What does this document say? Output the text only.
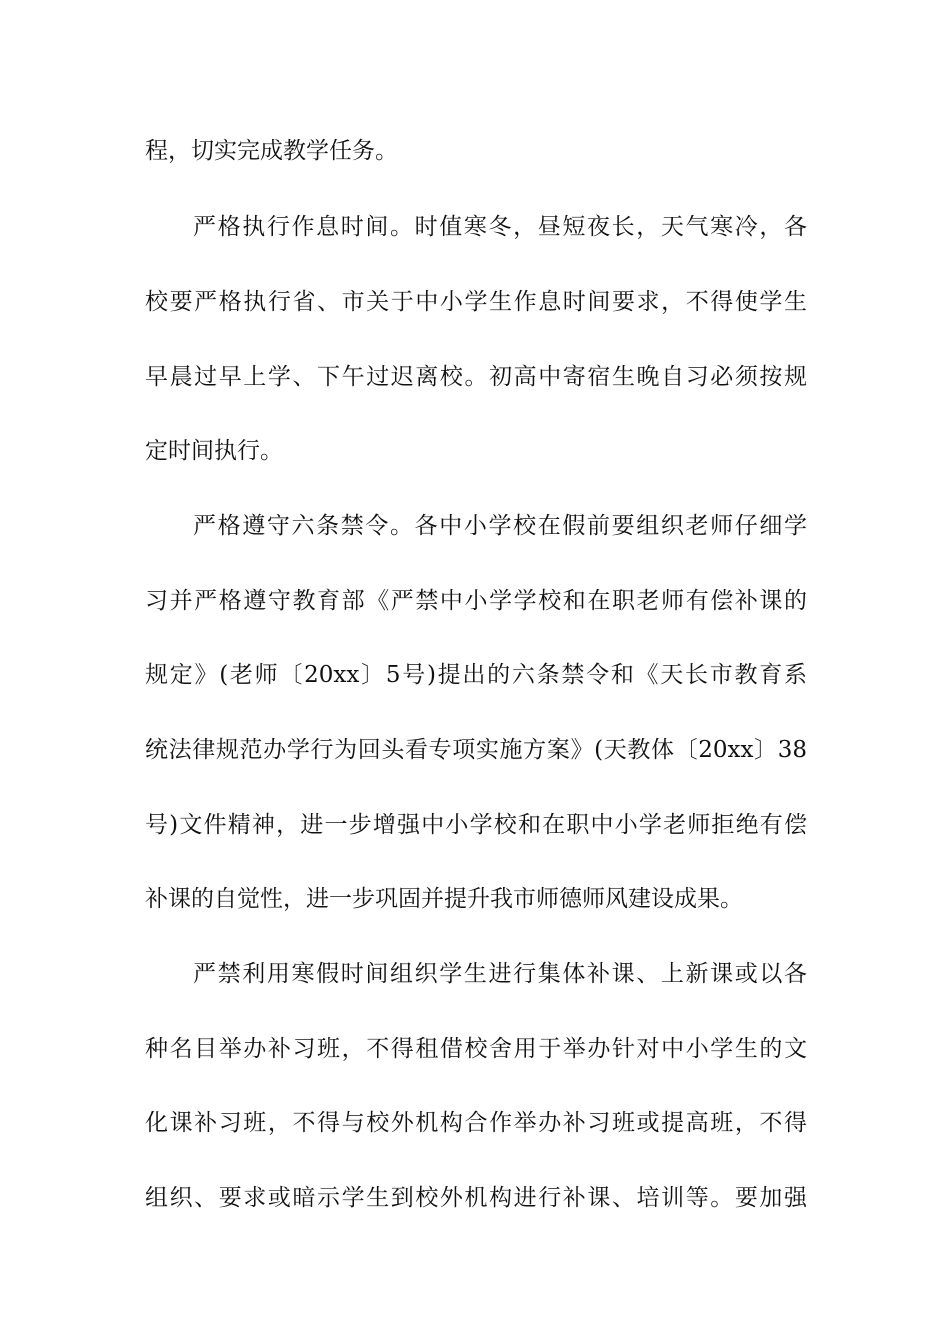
程，切实完成教学任务。
严格执行作息时间。时值寒冬，昼短夜长，天气寒冷，各
校要严格执行省、市关于中小学生作息时间要求，不得使学生
早晨过早上学、下午过迟离校。初高中寄宿生晚自习必须按规
定时间执行。
严格遵守六条禁令。各中小学校在假前要组织老师仔细学
习并严格遵守教育部《严禁中小学学校和在职老师有偿补课的
规定》(老师〔20xx〕5号)提出的六条禁令和《天长市教育系
统法律规范办学行为回头看专项实施方案》(天教体〔20xx〕38
号)文件精神，进一步增强中小学校和在职中小学老师拒绝有偿
补课的自觉性，进一步巩固并提升我市师德师风建设成果。
严禁利用寒假时间组织学生进行集体补课、上新课或以各
种名目举办补习班，不得租借校舍用于举办针对中小学生的文
化课补习班，不得与校外机构合作举办补习班或提高班，不得
组织、要求或暗示学生到校外机构进行补课、培训等。要加强
